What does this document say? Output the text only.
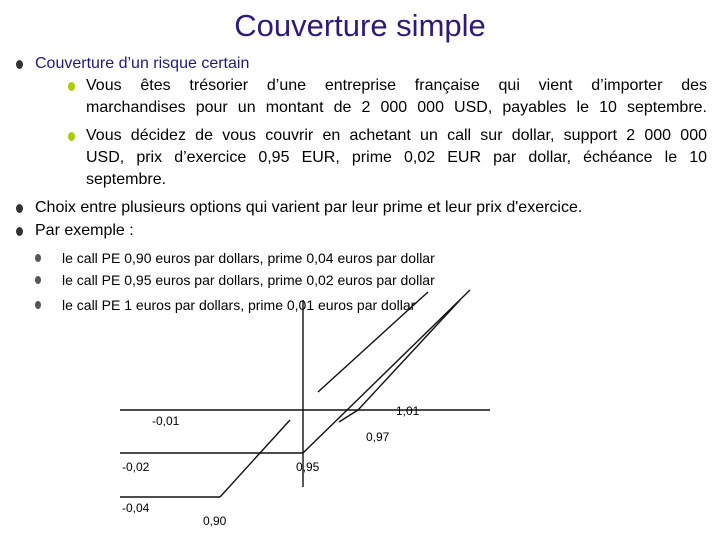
Couverture simple
Couverture d’un risque certain
Vous êtes trésorier d’une entreprise française qui vient d’importer des
marchandises pour un montant de 2 000 000 USD, payables le 10 septembre.
Vous décidez de vous couvrir en achetant un call sur dollar, support 2 000 000
USD, prix d’exercice 0,95 EUR, prime 0,02 EUR par dollar, échéance le 10
septembre.
Choix entre plusieurs options qui varient par leur prime et leur prix d'exercice.
Par exemple :
le call PE 0,90 euros par dollars, prime 0,04 euros par dollar
le call PE 0,95 euros par dollars, prime 0,02 euros par dollar
le call PE 1 euros par dollars, prime 0,01 euros par dollar
-0,01
-0,02
-0,04
0,95
0,97
1,01
0,90
